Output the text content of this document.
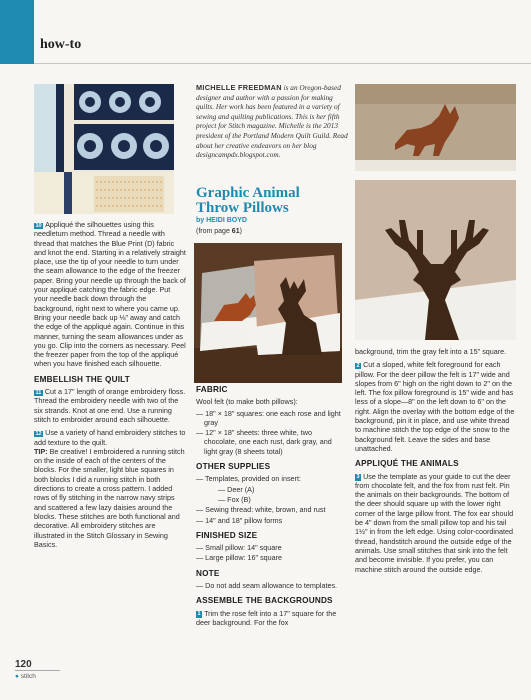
how-to

10 Appliqué the silhouettes using this needleturn method. Thread a needle with thread that matches the Blue Print (D) fabric and knot the end. Starting in a relatively straight place, use the tip of your needle to turn under the seam allowance to the edge of the freezer paper. Bring your needle up through the back of your appliqué catching the fabric edge. Put your needle back down through the background, right next to where you came up. Bring your needle back up ⅛" away and catch the edge of the appliqué again. Continue in this manner, turning the seam allowances under as you go. Clip into the corners as necessary. Peel the freezer paper from the top of the appliqué when you have finished each silhouette.

EMBELLISH THE QUILT

11 Cut a 17" length of orange embroidery floss. Thread the embroidery needle with two of the six strands. Knot at one end. Use a running stitch to embroider around each silhouette.

12 Use a variety of hand embroidery stitches to add texture to the quilt.
TIP: Be creative! I embroidered a running stitch on the inside of each of the centers of the blocks. For the smaller, light blue squares in both blocks I did a running stitch in both directions to create a cross pattern. I added rows of fly stitching in the narrow navy strips and scattered a few lazy daisies around the blocks. These stitches are both functional and decorative. All embroidery stitches are illustrated in the Stitch Glossary in Sewing Basics.

MICHELLE FREEDMAN is an Oregon-based designer and author with a passion for making quilts. Her work has been featured in a variety of sewing and quilting publications. This is her fifth project for Stitch magazine. Michelle is the 2013 president of the Portland Modern Quilt Guild. Read about her creative endeavors on her blog designcampdx.blogspot.com.
Graphic Animal Throw Pillows
by HEIDI BOYD
(from page 61)
FABRIC

Wool felt (to make both pillows):

— 18" × 18" squares: one each rose and light gray
— 12" × 18" sheets: three white, two chocolate, one each rust, dark gray, and light gray (8 sheets total)
OTHER SUPPLIES
— Templates, provided on insert:
— Deer (A)
— Fox (B)
— Sewing thread: white, brown, and rust
— 14" and 18" pillow forms
FINISHED SIZE
— Small pillow: 14" square
— Large pillow: 16" square
NOTE
— Do not add seam allowance to templates.
ASSEMBLE THE BACKGROUNDS

1 Trim the rose felt into a 17" square for the deer background. For the fox

background, trim the gray felt into a 15" square.

2 Cut a sloped, white felt foreground for each pillow. For the deer pillow the felt is 17" wide and slopes from 6" high on the right down to 2" on the left. The fox pillow foreground is 15" wide and has less of a slope—8" on the left down to 6" on the right. Align the overlay with the bottom edge of the background, pin it in place, and use white thread to machine stitch the top edge of the snow to the background felt. Leave the sides and base unattached.

APPLIQUÉ THE ANIMALS

3 Use the template as your guide to cut the deer from chocolate felt, and the fox from rust felt. Pin the animals on their backgrounds. The bottom of the deer should square up with the lower right corner of the large pillow front. The fox ear should be 4" down from the small pillow top and his tail 1½" in from the left edge. Using color-coordinated thread, handstitch around the outside edge of the animals. Use small stitches that sink into the felt and become invisible. If you prefer, you can machine stitch around the outside edge.

120
● stitch
